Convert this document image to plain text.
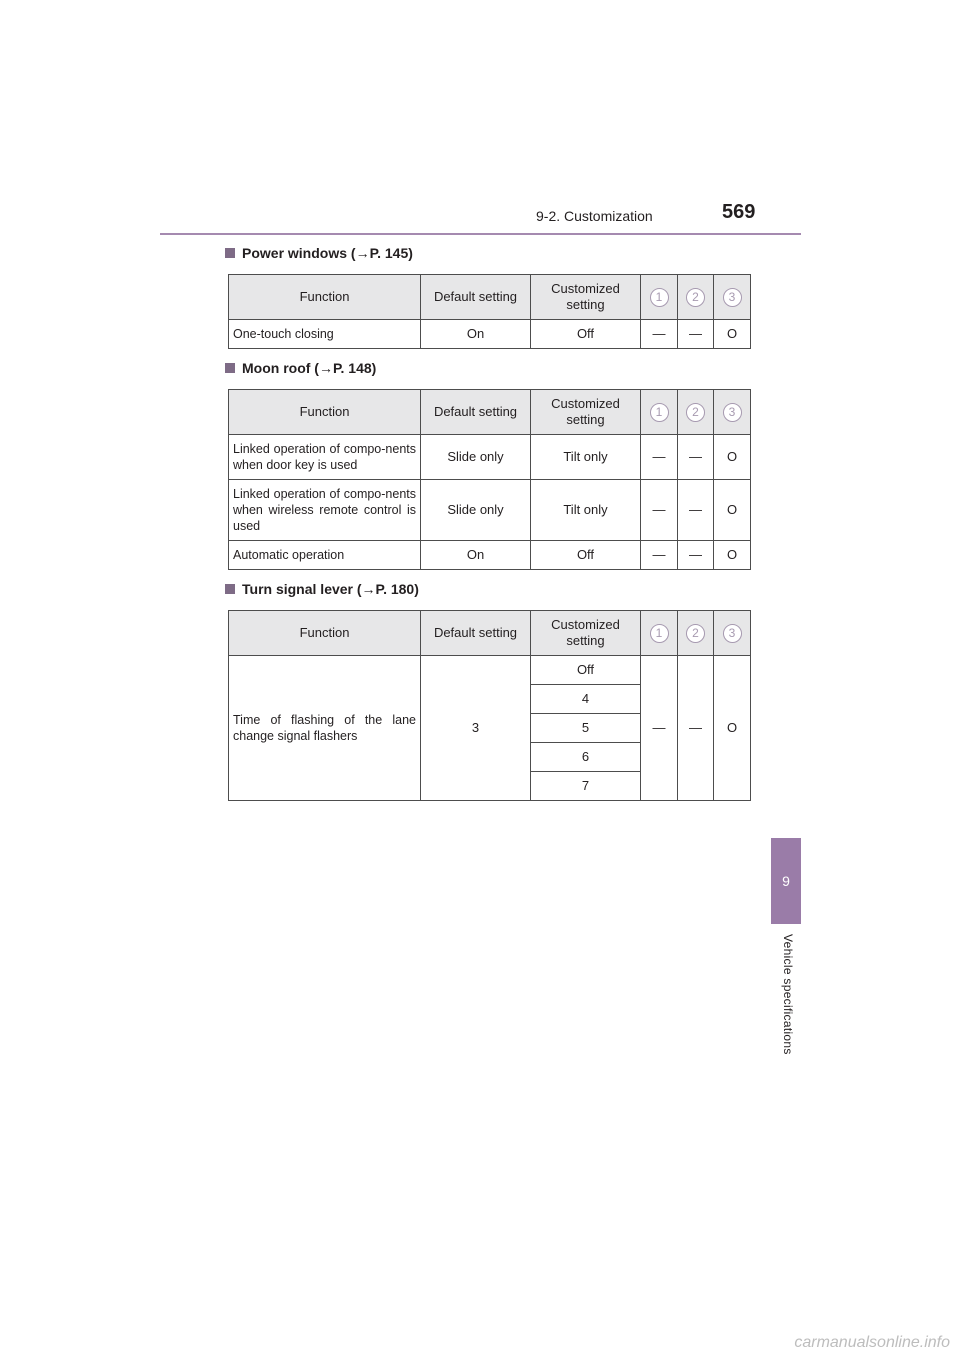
9-2. Customization	569
9
Vehicle specifications
Power windows (→P. 145)
Function	Default setting	Customized setting	1	2	3
One-touch closing	On	Off	—	—	O
Moon roof (→P. 148)
Function	Default setting	Customized setting	1	2	3
Linked operation of compo-nents when door key is used	Slide only	Tilt only	—	—	O
Linked operation of compo-nents when wireless remote control is used	Slide only	Tilt only	—	—	O
Automatic operation	On	Off	—	—	O
Turn signal lever (→P. 180)
Function	Default setting	Customized setting	1	2	3
Time of flashing of the lane change signal flashers	3	Off	—	—	O
		4			
		5			
		6			
		7			
carmanualsonline.info
